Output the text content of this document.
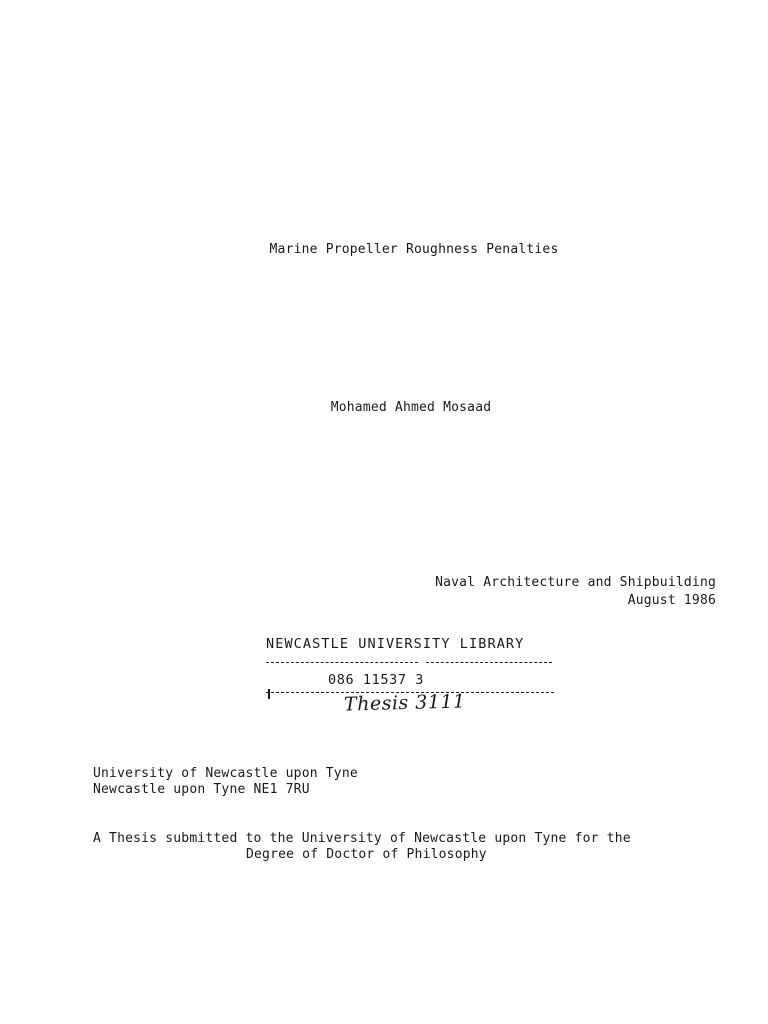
Marine Propeller Roughness Penalties
Mohamed Ahmed Mosaad
Naval Architecture and Shipbuilding
August 1986
NEWCASTLE UNIVERSITY LIBRARY
086 11537 3
Thesis 3111
University of Newcastle upon Tyne
Newcastle upon Tyne NE1 7RU
A Thesis submitted to the University of Newcastle upon Tyne for the
Degree of Doctor of Philosophy
